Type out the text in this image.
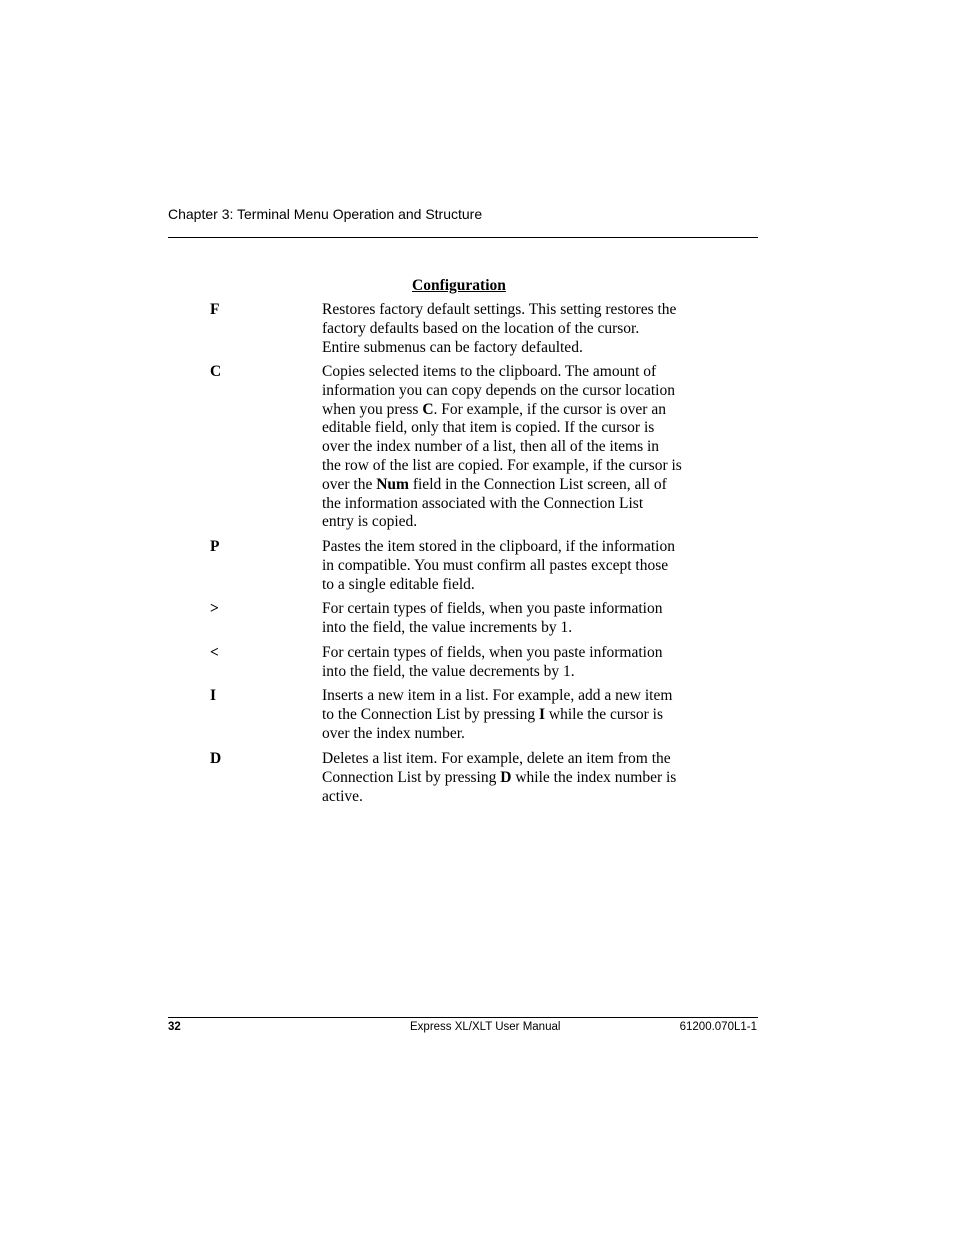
Chapter 3: Terminal Menu Operation and Structure
Configuration
F	Restores factory default settings. This setting restores the
factory defaults based on the location of the cursor.
Entire submenus can be factory defaulted.
C	Copies selected items to the clipboard. The amount of
information you can copy depends on the cursor location
when you press C. For example, if the cursor is over an
editable field, only that item is copied. If the cursor is
over the index number of a list, then all of the items in
the row of the list are copied. For example, if the cursor is
over the Num field in the Connection List screen, all of
the information associated with the Connection List
entry is copied.
P	Pastes the item stored in the clipboard, if the information
in compatible. You must confirm all pastes except those
to a single editable field.
>	For certain types of fields, when you paste information
into the field, the value increments by 1.
<	For certain types of fields, when you paste information
into the field, the value decrements by 1.
I	Inserts a new item in a list. For example, add a new item
to the Connection List by pressing I while the cursor is
over the index number.
D	Deletes a list item. For example, delete an item from the
Connection List by pressing D while the index number is
active.
32	Express XL/XLT User Manual	61200.070L1-1
